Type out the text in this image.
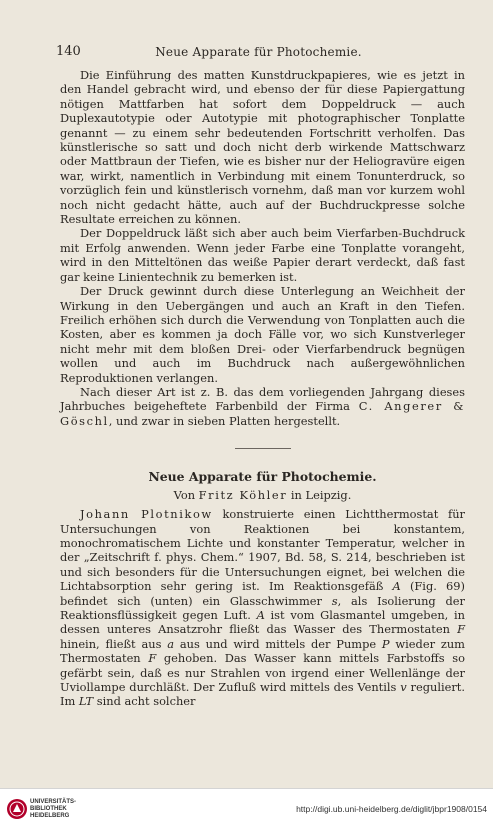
140	Neue Apparate für Photochemie.

Die Einführung des matten Kunstdruckpapieres, wie es jetzt in den Handel gebracht wird, und ebenso der für diese Papiergattung nötigen Mattfarben hat sofort dem Doppeldruck — auch Duplexautotypie oder Autotypie mit photographischer Tonplatte genannt — zu einem sehr bedeutenden Fortschritt verholfen. Das künstlerische so satt und doch nicht derb wirkende Mattschwarz oder Mattbraun der Tiefen, wie es bisher nur der Heliogravüre eigen war, wirkt, namentlich in Verbindung mit einem Tonunterdruck, so vorzüglich fein und künstlerisch vornehm, daß man vor kurzem wohl noch nicht gedacht hätte, auch auf der Buchdruckpresse solche Resultate erreichen zu können.

Der Doppeldruck läßt sich aber auch beim Vierfarben-Buchdruck mit Erfolg anwenden. Wenn jeder Farbe eine Tonplatte vorangeht, wird in den Mitteltönen das weiße Papier derart verdeckt, daß fast gar keine Linientechnik zu bemerken ist.

Der Druck gewinnt durch diese Unterlegung an Weichheit der Wirkung in den Uebergängen und auch an Kraft in den Tiefen. Freilich erhöhen sich durch die Verwendung von Tonplatten auch die Kosten, aber es kommen ja doch Fälle vor, wo sich Kunstverleger nicht mehr mit dem bloßen Drei- oder Vierfarbendruck begnügen wollen und auch im Buchdruck nach außergewöhnlichen Reproduktionen verlangen.

Nach dieser Art ist z. B. das dem vorliegenden Jahrgang dieses Jahrbuches beigeheftete Farbenbild der Firma C. Angerer & Göschl, und zwar in sieben Platten hergestellt.

Neue Apparate für Photochemie.
Von Fritz Köhler in Leipzig.

Johann Plotnikow konstruierte einen Lichtthermostat für Untersuchungen von Reaktionen bei konstantem, monochromatischem Lichte und konstanter Temperatur, welcher in der „Zeitschrift f. phys. Chem.“ 1907, Bd. 58, S. 214, beschrieben ist und sich besonders für die Untersuchungen eignet, bei welchen die Lichtabsorption sehr gering ist. Im Reaktionsgefäß A (Fig. 69) befindet sich (unten) ein Glasschwimmer s, als Isolierung der Reaktionsflüssigkeit gegen Luft. A ist vom Glasmantel umgeben, in dessen unteres Ansatzrohr fließt das Wasser des Thermostaten F hinein, fließt aus a aus und wird mittels der Pumpe P wieder zum Thermostaten F gehoben. Das Wasser kann mittels Farbstoffs so gefärbt sein, daß es nur Strahlen von irgend einer Wellenlänge der Uviollampe durchläßt. Der Zufluß wird mittels des Ventils v reguliert. Im LT sind acht solcher

UNIVERSITÄTS-
BIBLIOTHEK
HEIDELBERG
http://digi.ub.uni-heidelberg.de/diglit/jbpr1908/0154
